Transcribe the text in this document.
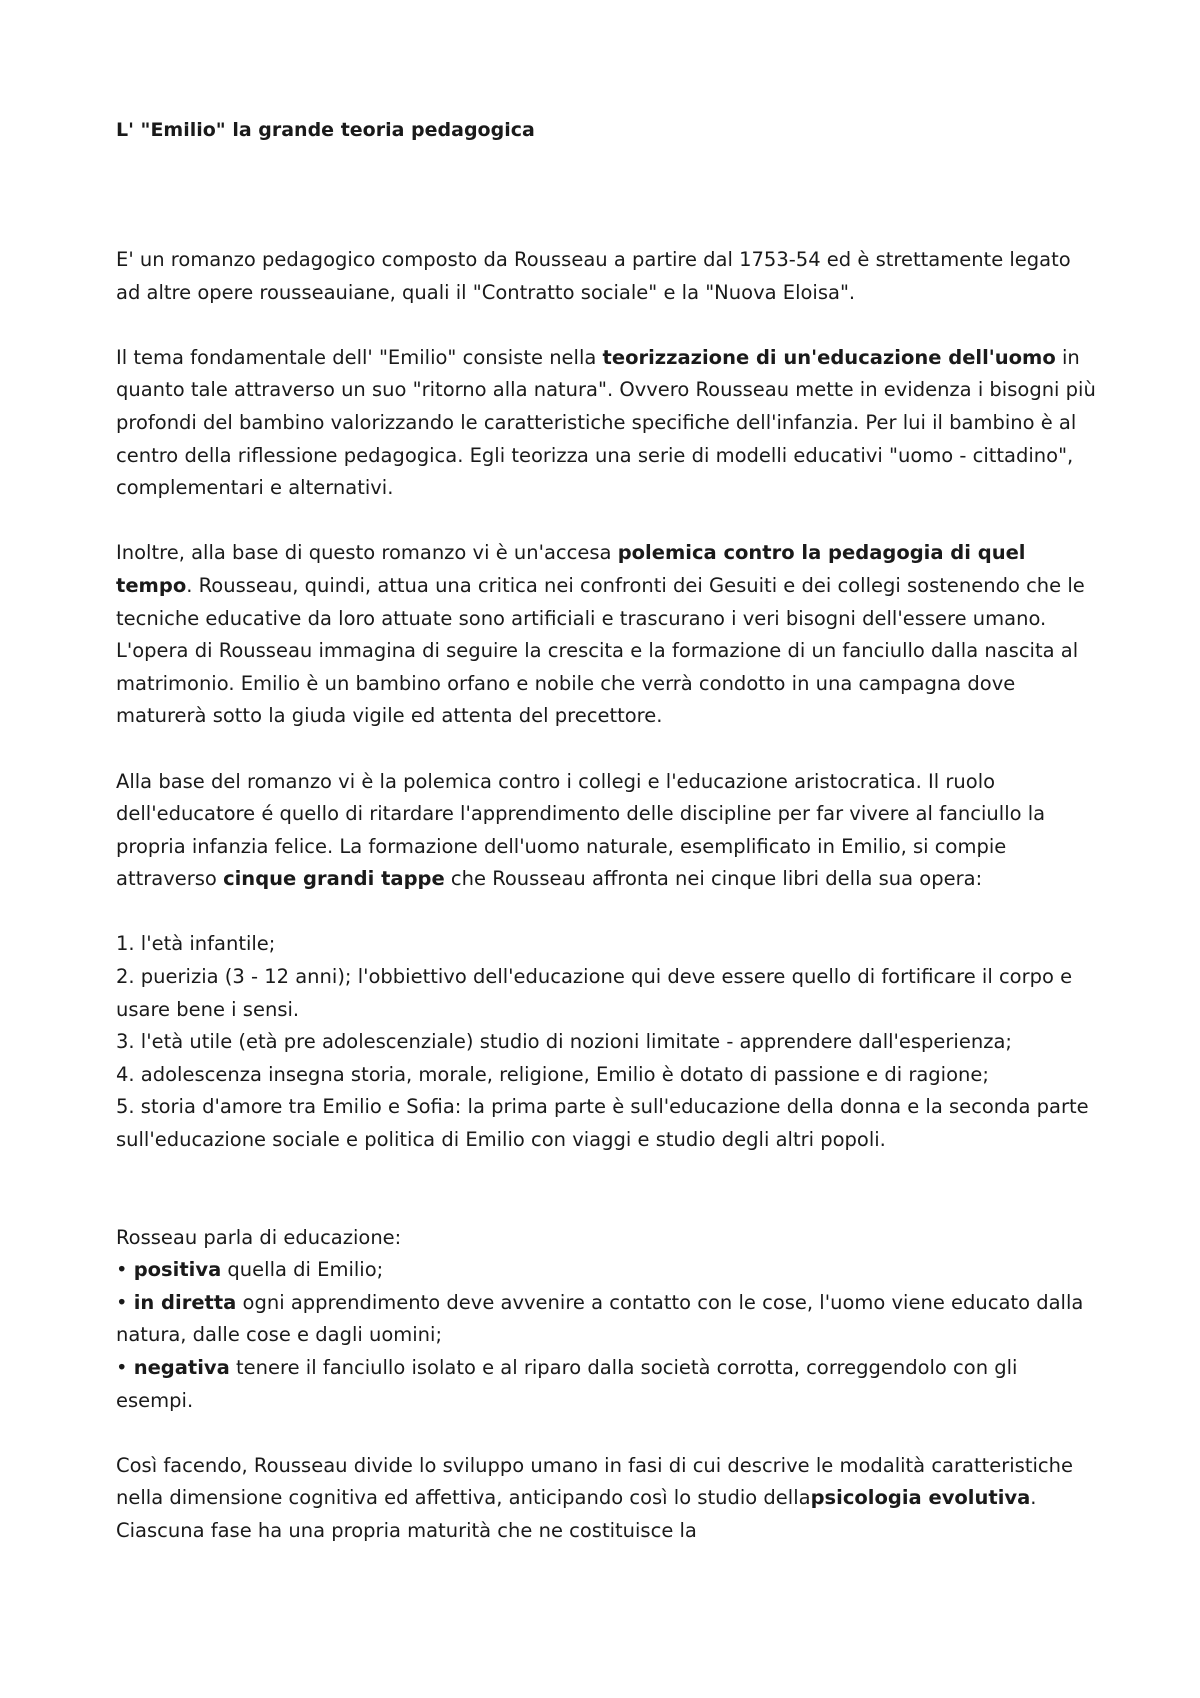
L' "Emilio" la grande teoria pedagogica

E' un romanzo pedagogico composto da Rousseau a partire dal 1753-54 ed è strettamente legato ad altre opere rousseauiane, quali il "Contratto sociale" e la "Nuova Eloisa".

Il tema fondamentale dell' "Emilio" consiste nella teorizzazione di un'educazione dell'uomo in quanto tale attraverso un suo "ritorno alla natura". Ovvero Rousseau mette in evidenza i bisogni più profondi del bambino valorizzando le caratteristiche specifiche dell'infanzia. Per lui il bambino è al centro della riflessione pedagogica. Egli teorizza una serie di modelli educativi "uomo - cittadino", complementari e alternativi.

Inoltre, alla base di questo romanzo vi è un'accesa polemica contro la pedagogia di quel tempo. Rousseau, quindi, attua una critica nei confronti dei Gesuiti e dei collegi sostenendo che le tecniche educative da loro attuate sono artificiali e trascurano i veri bisogni dell'essere umano.

L'opera di Rousseau immagina di seguire la crescita e la formazione di un fanciullo dalla nascita al matrimonio. Emilio è un bambino orfano e nobile che verrà condotto in una campagna dove maturerà sotto la giuda vigile ed attenta del precettore.

Alla base del romanzo vi è la polemica contro i collegi e l'educazione aristocratica. Il ruolo dell'educatore é quello di ritardare l'apprendimento delle discipline per far vivere al fanciullo la propria infanzia felice. La formazione dell'uomo naturale, esemplificato in Emilio, si compie attraverso cinque grandi tappe che Rousseau affronta nei cinque libri della sua opera:

1. l'età infantile;

2. puerizia (3 - 12 anni); l'obbiettivo dell'educazione qui deve essere quello di fortificare il corpo e usare bene i sensi.

3. l'età utile (età pre adolescenziale) studio di nozioni limitate - apprendere dall'esperienza;

4. adolescenza insegna storia, morale, religione, Emilio è dotato di passione e di ragione;

5. storia d'amore tra Emilio e Sofia: la prima parte è sull'educazione della donna e la seconda parte sull'educazione sociale e politica di Emilio con viaggi e studio degli altri popoli.

Rosseau parla di educazione:

• positiva quella di Emilio;

• in diretta ogni apprendimento deve avvenire a contatto con le cose, l'uomo viene educato dalla natura, dalle cose e dagli uomini;

• negativa tenere il fanciullo isolato e al riparo dalla società corrotta, correggendolo con gli esempi.

Così facendo, Rousseau divide lo sviluppo umano in fasi di cui descrive le modalità caratteristiche nella dimensione cognitiva ed affettiva, anticipando così lo studio dellapsicologia evolutiva. Ciascuna fase ha una propria maturità che ne costituisce la
